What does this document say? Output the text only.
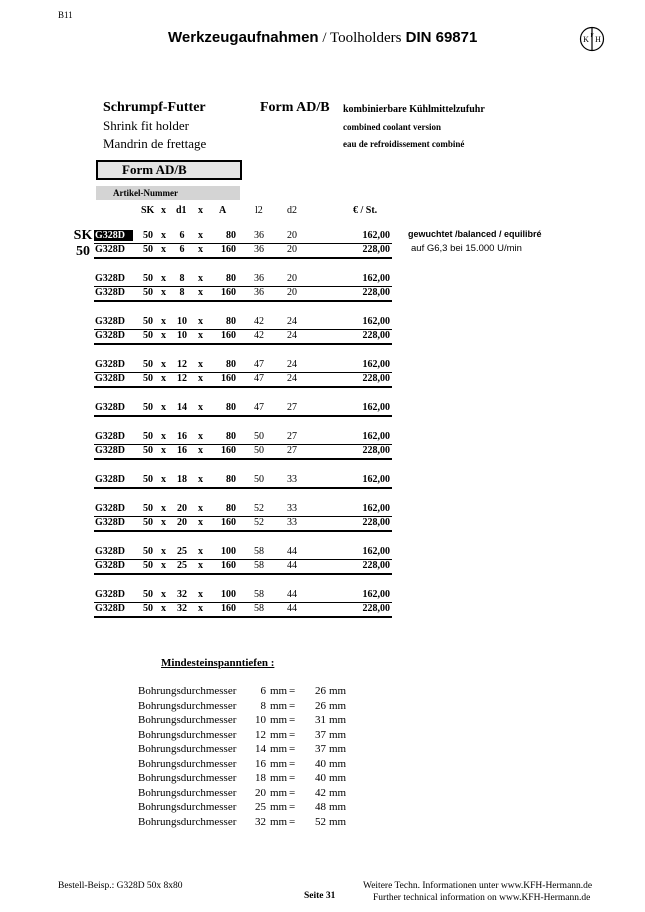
B11
Werkzeugaufnahmen / Toolholders DIN 69871	K H
F
Schrumpf-Futter
Shrink fit holder
Mandrin de frettage
Form AD/B kombinierbare Kühlmittelzufuhr
combined coolant version
eau de refroidissement combiné
Form AD/B
Artikel-Nummer
SK x d1 x A	l2 d2	€ / St.
SK
50
gewuchtet /balanced / equilibré
auf G6,3 bei 15.000 U/min
G328D	50 x	6	x	80 36 20	162,00
G328D 50 x	6	x	160 36 20	228,00
G328D 50 x	8	x	80 36 20	162,00
G328D 50 x	8	x	160 36 20	228,00
G328D 50 x	10	x	80 42 24	162,00
G328D 50 x	10	x	160 42 24	228,00
G328D 50 x	12	x	80 47 24	162,00
G328D 50 x	12	x	160 47 24	228,00
G328D 50 x	14	x	80 47 27	162,00
G328D 50 x	16	x	80 50 27	162,00
G328D 50 x	16	x	160 50 27	228,00
G328D 50 x	18	x	80 50 33	162,00
G328D 50 x	20	x	80 52 33	162,00
G328D 50 x	20	x	160 52 33	228,00
G328D 50 x	25	x	100 58 44	162,00
G328D 50 x	25	x	160 58 44	228,00
G328D 50 x	32	x	100 58 44	162,00
G328D 50 x	32	x	160 58 44	228,00
Mindesteinspanntiefen :
Bohrungsdurchmesser	6 mm =	26 mm
Bohrungsdurchmesser	8 mm =	26 mm
Bohrungsdurchmesser	10 mm =	31 mm
Bohrungsdurchmesser	12 mm =	37 mm
Bohrungsdurchmesser	14 mm =	37 mm
Bohrungsdurchmesser	16 mm =	40 mm
Bohrungsdurchmesser	18 mm =	40 mm
Bohrungsdurchmesser	20 mm =	42 mm
Bohrungsdurchmesser	25 mm =	48 mm
Bohrungsdurchmesser	32 mm =	52 mm
Bestell-Beisp.: G328D 50x 8x80
Seite 31
Weitere Techn. Informationen unter www.KFH-Hermann.de
Further technical information on www.KFH-Hermann.de
